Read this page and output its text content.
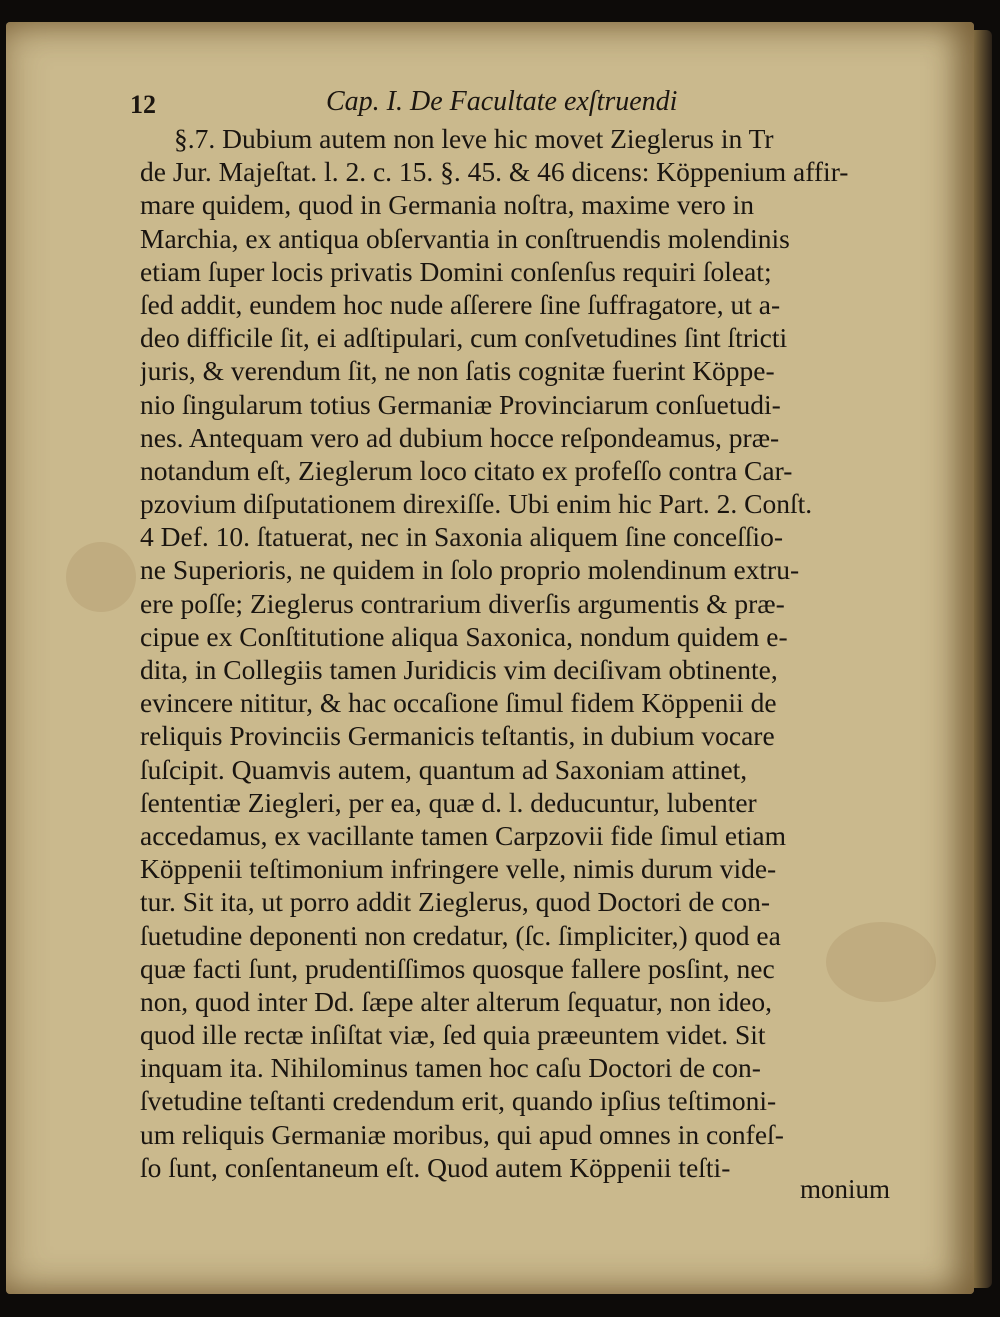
12	Cap. I. De Facultate exſtruendi
§.7. Dubium autem non leve hic movet Zieglerus in Tr
de Jur. Majeſtat. l. 2. c. 15. §. 45. & 46 dicens: Köppenium affir-
mare quidem, quod in Germania noſtra, maxime vero in
Marchia, ex antiqua obſervantia in conſtruendis molendinis
etiam ſuper locis privatis Domini conſenſus requiri ſoleat;
ſed addit, eundem hoc nude aſſerere ſine ſuffragatore, ut a-
deo difficile ſit, ei adſtipulari, cum conſvetudines ſint ſtricti
juris, & verendum ſit, ne non ſatis cognitæ fuerint Köppe-
nio ſingularum totius Germaniæ Provinciarum conſuetudi-
nes. Antequam vero ad dubium hocce reſpondeamus, præ-
notandum eſt, Zieglerum loco citato ex profeſſo contra Car-
pzovium diſputationem direxiſſe. Ubi enim hic Part. 2. Conſt.
4 Def. 10. ſtatuerat, nec in Saxonia aliquem ſine conceſſio-
ne Superioris, ne quidem in ſolo proprio molendinum extru-
ere poſſe; Zieglerus contrarium diverſis argumentis & præ-
cipue ex Conſtitutione aliqua Saxonica, nondum quidem e-
dita, in Collegiis tamen Juridicis vim deciſivam obtinente,
evincere nititur, & hac occaſione ſimul fidem Köppenii de
reliquis Provinciis Germanicis teſtantis, in dubium vocare
ſuſcipit. Quamvis autem, quantum ad Saxoniam attinet,
ſententiæ Ziegleri, per ea, quæ d. l. deducuntur, lubenter
accedamus, ex vacillante tamen Carpzovii fide ſimul etiam
Köppenii teſtimonium infringere velle, nimis durum vide-
tur. Sit ita, ut porro addit Zieglerus, quod Doctori de con-
ſuetudine deponenti non credatur, (ſc. ſimpliciter,) quod ea
quæ facti ſunt, prudentiſſimos quosque fallere posſint, nec
non, quod inter Dd. ſæpe alter alterum ſequatur, non ideo,
quod ille rectæ inſiſtat viæ, ſed quia præeuntem videt. Sit
inquam ita. Nihilominus tamen hoc caſu Doctori de con-
ſvetudine teſtanti credendum erit, quando ipſius teſtimoni-
um reliquis Germaniæ moribus, qui apud omnes in confeſ-
ſo ſunt, conſentaneum eſt. Quod autem Köppenii teſti-
monium
